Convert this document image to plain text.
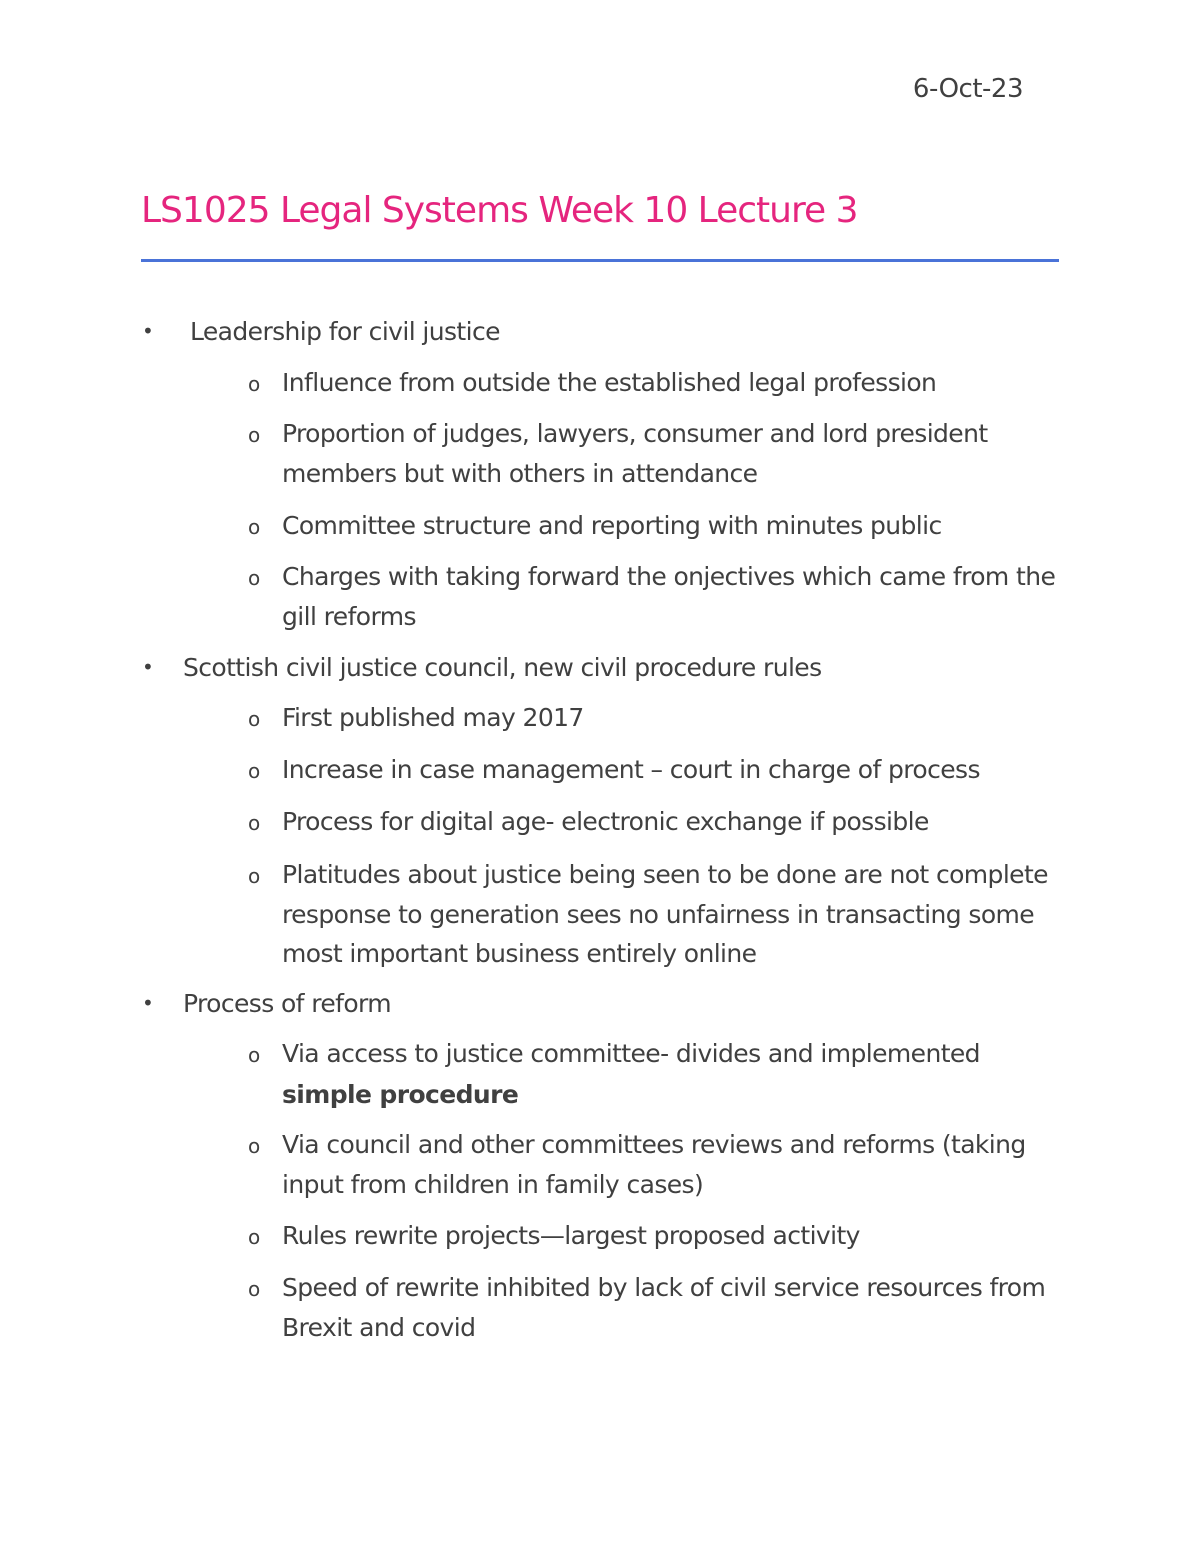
6-Oct-23
LS1025 Legal Systems Week 10 Lecture 3
• Leadership for civil justice
o Influence from outside the established legal profession
o Proportion of judges, lawyers, consumer and lord president
members but with others in attendance
o Committee structure and reporting with minutes public
o Charges with taking forward the onjectives which came from the
gill reforms
• Scottish civil justice council, new civil procedure rules
o First published may 2017
o Increase in case management – court in charge of process
o Process for digital age- electronic exchange if possible
o Platitudes about justice being seen to be done are not complete
response to generation sees no unfairness in transacting some
most important business entirely online
• Process of reform
o Via access to justice committee- divides and implemented
simple procedure
o Via council and other committees reviews and reforms (taking
input from children in family cases)
o Rules rewrite projects—largest proposed activity
o Speed of rewrite inhibited by lack of civil service resources from
Brexit and covid
